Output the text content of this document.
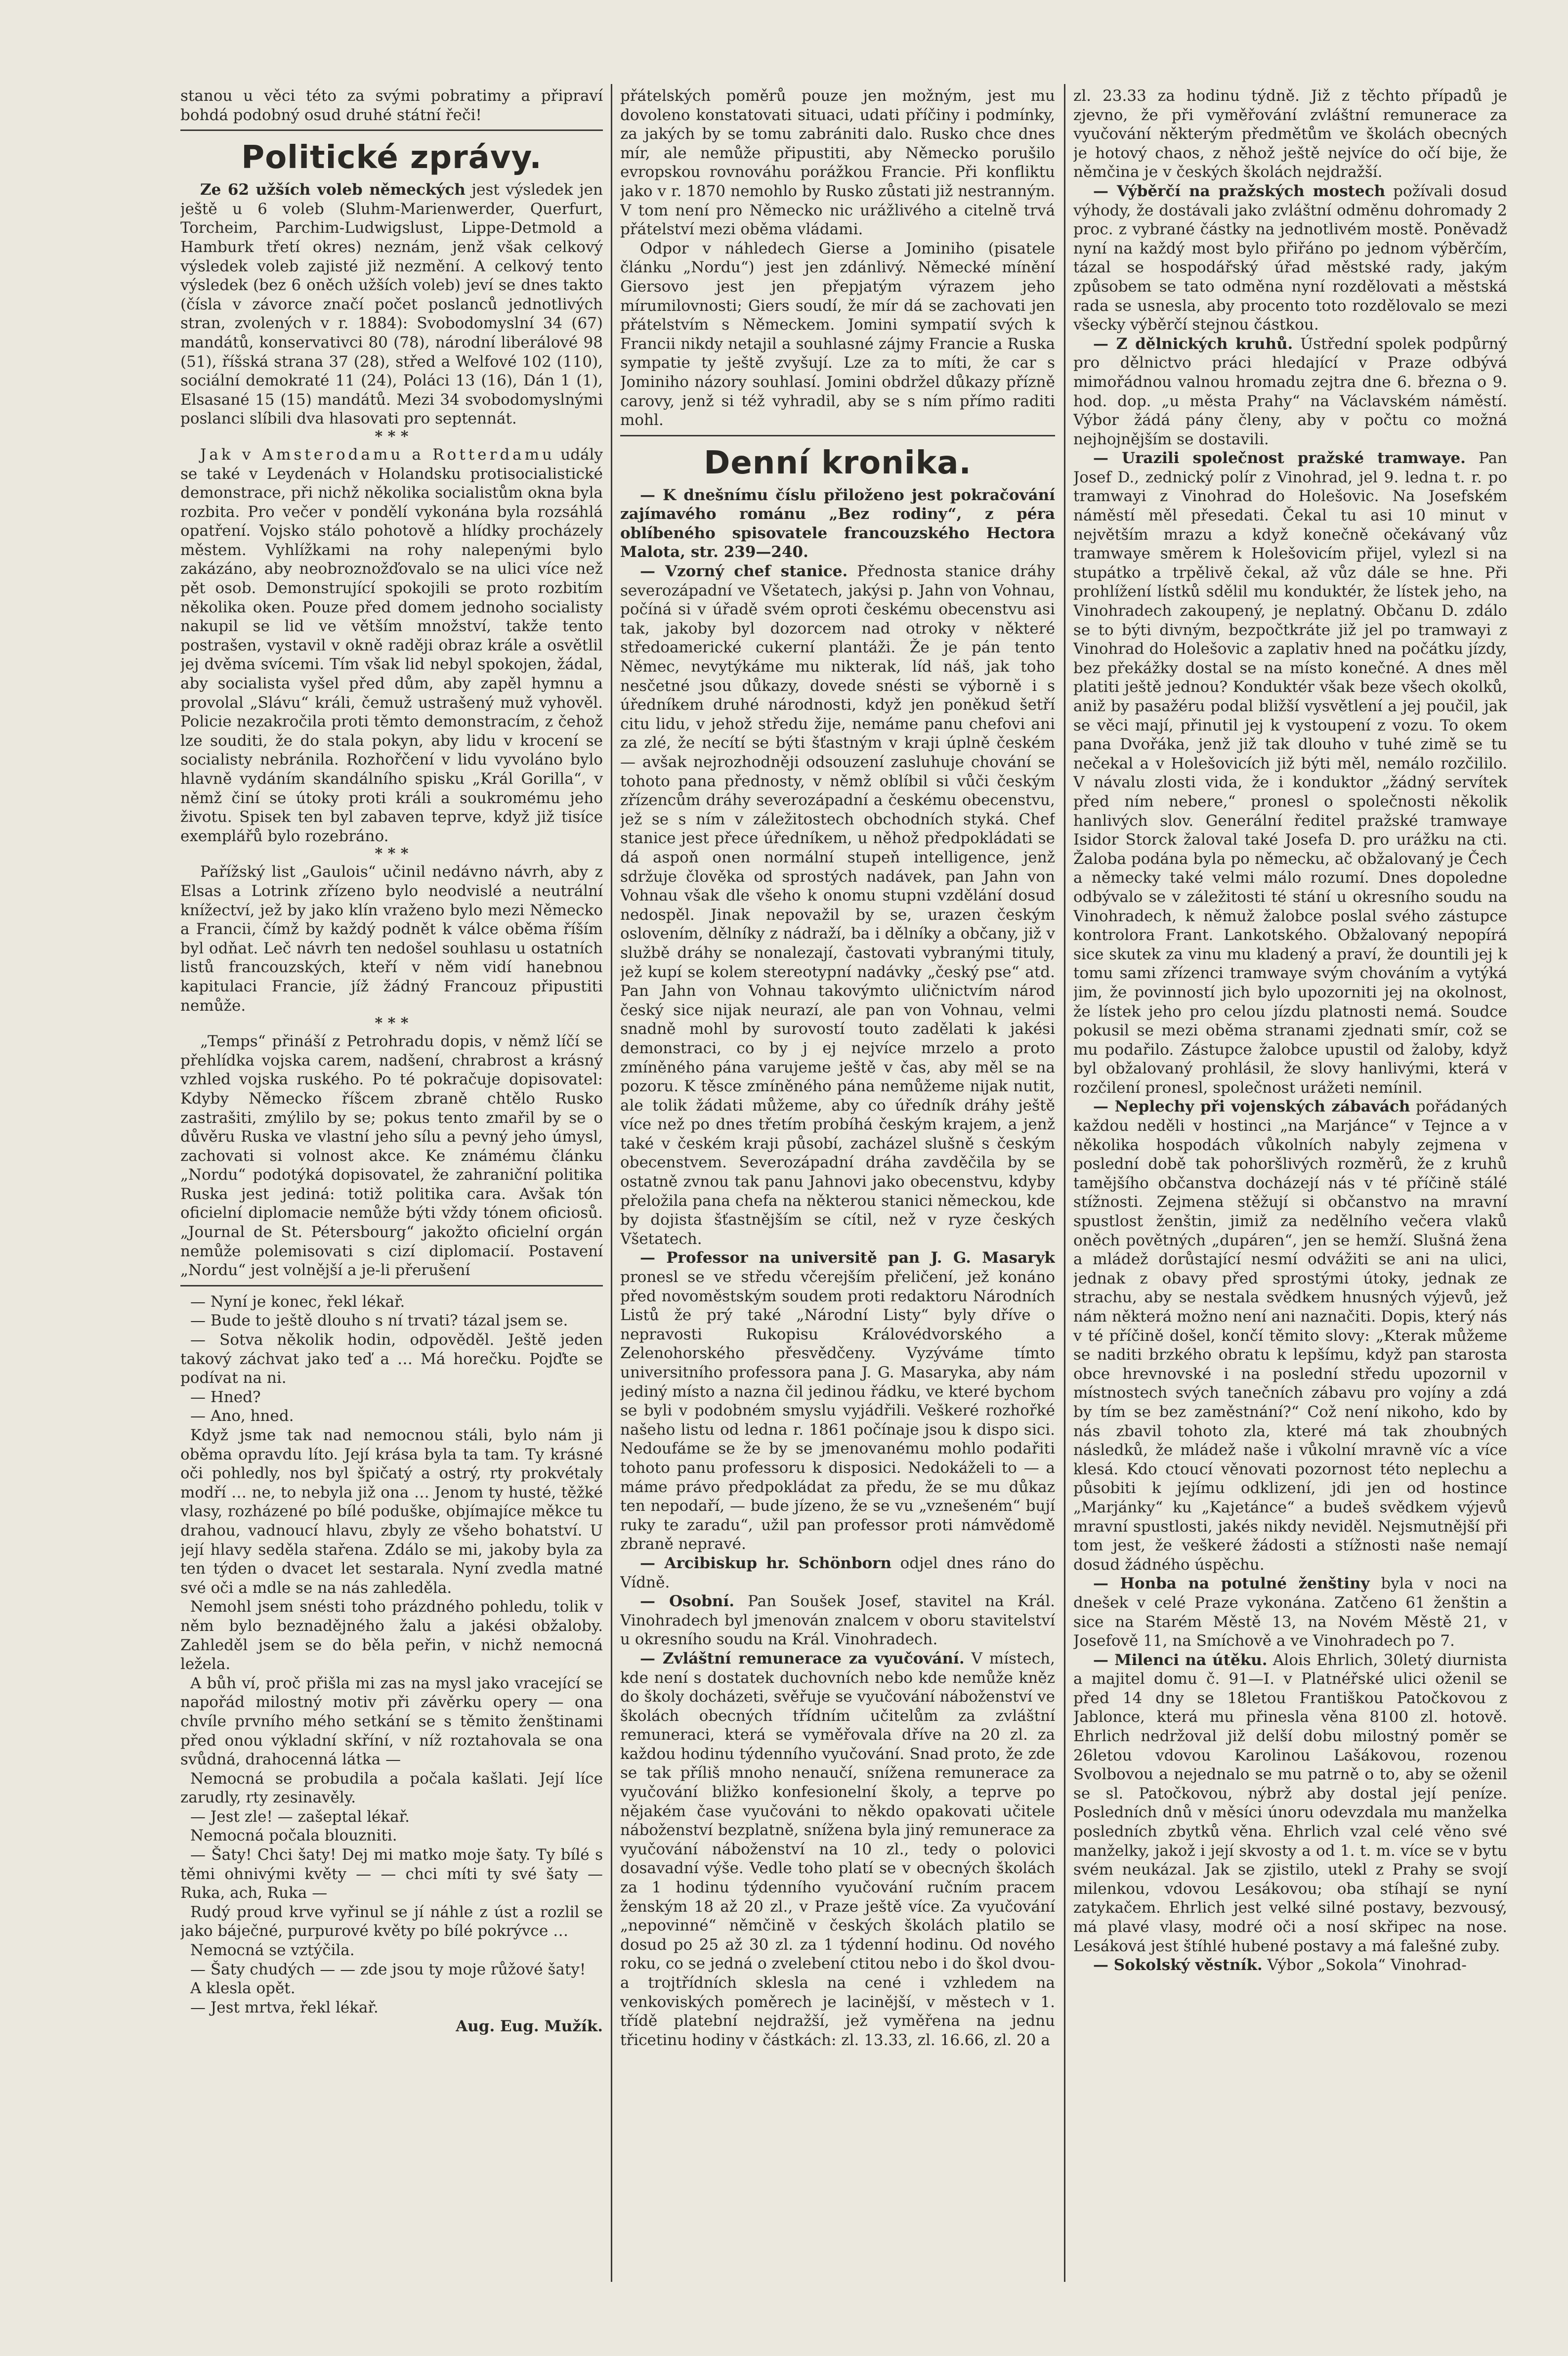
stanou u věci této za svými pobratimy a připraví bohdá podobný osud druhé státní řeči!

Politické zprávy.

Ze 62 užších voleb německých jest výsledek jen ještě u 6 voleb (Sluhm-Marienwerder, Querfurt, Torcheim, Parchim-Ludwigslust, Lippe-Detmold a Hamburk třetí okres) neznám, jenž však celkový výsledek voleb zajisté již nezmění. A celkový tento výsledek (bez 6 oněch užších voleb) jeví se dnes takto (čísla v závorce značí počet poslanců jednotlivých stran, zvolených v r. 1884): Svobodomyslní 34 (67) mandátů, konservativci 80 (78), národní liberálové 98 (51), říšská strana 37 (28), střed a Welfové 102 (110), sociální demokraté 11 (24), Poláci 13 (16), Dán 1 (1), Elsasané 15 (15) mandátů. Mezi 34 svobodomyslnými poslanci slíbili dva hlasovati pro septennát.

* * *

Jak v Amsterodamu a Rotterdamu udály se také v Leydenách v Holandsku protisocialistické demonstrace, při nichž několika socialistům okna byla rozbita. Pro večer v pondělí vykonána byla rozsáhlá opatření. Vojsko stálo pohotově a hlídky procházely městem. Vyhlížkami na rohy nalepenými bylo zakázáno, aby neobroznožďovalo se na ulici více než pět osob. Demonstrující spokojili se proto rozbitím několika oken. Pouze před domem jednoho socialisty nakupil se lid ve větším množství, takže tento postrašen, vystavil v okně raději obraz krále a osvětlil jej dvěma svícemi. Tím však lid nebyl spokojen, žádal, aby socialista vyšel před dům, aby zapěl hymnu a provolal „Slávu“ králi, čemuž ustrašený muž vyhověl. Policie nezakročila proti těmto demonstracím, z čehož lze souditi, že do stala pokyn, aby lidu v krocení se socialisty nebránila. Rozhořčení v lidu vyvoláno bylo hlavně vydáním skandálního spisku „Král Gorilla“, v němž činí se útoky proti králi a soukromému jeho životu. Spisek ten byl zabaven teprve, když již tisíce exemplářů bylo rozebráno.

* * *

Pařížský list „Gaulois“ učinil nedávno návrh, aby z Elsas a Lotrink zřízeno bylo neodvislé a neutrální knížectví, jež by jako klín vraženo bylo mezi Německo a Francii, čímž by každý podnět k válce oběma říším byl odňat. Leč návrh ten nedošel souhlasu u ostatních listů francouzských, kteří v něm vidí hanebnou kapitulaci Francie, jíž žádný Francouz připustiti nemůže.

* * *

„Temps“ přináší z Petrohradu dopis, v němž líčí se přehlídka vojska carem, nadšení, chrabrost a krásný vzhled vojska ruského. Po té pokračuje dopisovatel: Kdyby Německo říšcem zbraně chtělo Rusko zastrašiti, zmýlilo by se; pokus tento zmařil by se o důvěru Ruska ve vlastní jeho sílu a pevný jeho úmysl, zachovati si volnost akce. Ke známému článku „Nordu“ podotýká dopisovatel, že zahraniční politika Ruska jest jediná: totiž politika cara. Avšak tón oficielní diplomacie nemůže býti vždy tónem oficiosů. „Journal de St. Pétersbourg“ jakožto oficielní orgán nemůže polemisovati s cizí diplomacií. Postavení „Nordu“ jest volnější a je-li přerušení

— Nyní je konec, řekl lékař.

— Bude to ještě dlouho s ní trvati? tázal jsem se.

— Sotva několik hodin, odpověděl. Ještě jeden takový záchvat jako teď a … Má horečku. Pojďte se podívat na ni.

— Hned?

— Ano, hned.

Když jsme tak nad nemocnou stáli, bylo nám ji oběma opravdu líto. Její krása byla ta tam. Ty krásné oči pohledly, nos byl špičatý a ostrý, rty prokvétaly modří … ne, to nebyla již ona … Jenom ty husté, těžké vlasy, rozházené po bílé poduške, objímajíce měkce tu drahou, vadnoucí hlavu, zbyly ze všeho bohatství. U její hlavy seděla stařena. Zdálo se mi, jakoby byla za ten týden o dvacet let sestarala. Nyní zvedla matné své oči a mdle se na nás zahleděla.

Nemohl jsem snésti toho prázdného pohledu, tolik v něm bylo beznadějného žalu a jakési obžaloby. Zahleděl jsem se do běla peřin, v nichž nemocná ležela.

A bůh ví, proč přišla mi zas na mysl jako vracející se napořád milostný motiv při závěrku opery — ona chvíle prvního mého setkání se s těmito ženštinami před onou výkladní skříní, v níž roztahovala se ona svůdná, drahocenná látka —

Nemocná se probudila a počala kašlati. Její líce zarudly, rty zesinavěly.

— Jest zle! — zašeptal lékař.

Nemocná počala blouzniti.

— Šaty! Chci šaty! Dej mi matko moje šaty. Ty bílé s těmi ohnivými květy — — chci míti ty své šaty — Ruka, ach, Ruka —

Rudý proud krve vyřinul se jí náhle z úst a rozlil se jako báječné, purpurové květy po bílé pokrývce …

Nemocná se vztýčila.

— Šaty chudých — — zde jsou ty moje růžové šaty!

A klesla opět.

— Jest mrtva, řekl lékař.

Aug. Eug. Mužík.

přátelských poměrů pouze jen možným, jest mu dovoleno konstatovati situaci, udati příčiny i podmínky, za jakých by se tomu zabrániti dalo. Rusko chce dnes mír, ale nemůže připustiti, aby Německo porušilo evropskou rovnováhu porážkou Francie. Při konfliktu jako v r. 1870 nemohlo by Rusko zůstati již nestranným. V tom není pro Německo nic urážlivého a citelně trvá přátelství mezi oběma vládami.

Odpor v náhledech Gierse a Jominiho (pisatele článku „Nordu“) jest jen zdánlivý. Německé mínění Giersovo jest jen přepjatým výrazem jeho mírumilovnosti; Giers soudí, že mír dá se zachovati jen přátelstvím s Německem. Jomini sympatií svých k Francii nikdy netajil a souhlasné zájmy Francie a Ruska sympatie ty ještě zvyšují. Lze za to míti, že car s Jominiho názory souhlasí. Jomini obdržel důkazy přízně carovy, jenž si též vyhradil, aby se s ním přímo raditi mohl.

Denní kronika.

— K dnešnímu číslu přiloženo jest pokračování zajímavého románu „Bez rodiny“, z péra oblíbeného spisovatele francouzského Hectora Malota, str. 239—240.

— Vzorný chef stanice. Přednosta stanice dráhy severozápadní ve Všetatech, jakýsi p. Jahn von Vohnau, počíná si v úřadě svém oproti českému obecenstvu asi tak, jakoby byl dozorcem nad otroky v některé středoamerické cukerní plantáži. Že je pán tento Němec, nevytýkáme mu nikterak, líd náš, jak toho nesčetné jsou důkazy, dovede snésti se výborně i s úředníkem druhé národnosti, když jen poněkud šetří citu lidu, v jehož středu žije, nemáme panu chefovi ani za zlé, že necítí se býti šťastným v kraji úplně českém — avšak nejrozhodněji odsouzení zasluhuje chování se tohoto pana přednosty, v němž oblíbil si vůči českým zřízencům dráhy severozápadní a českému obecenstvu, jež se s ním v záležitostech obchodních styká. Chef stanice jest přece úředníkem, u něhož předpokládati se dá aspoň onen normální stupeň intelligence, jenž sdržuje člověka od sprostých nadávek, pan Jahn von Vohnau však dle všeho k onomu stupni vzdělání dosud nedospěl. Jinak nepovažil by se, urazen českým oslovením, dělníky z nádraží, ba i dělníky a občany, již v službě dráhy se nonalezají, častovati vybranými tituly, jež kupí se kolem stereotypní nadávky „český pse“ atd. Pan Jahn von Vohnau takovýmto uličnictvím národ český sice nijak neurazí, ale pan von Vohnau, velmi snadně mohl by surovostí touto zadělati k jakési demonstraci, co by j ej nejvíce mrzelo a proto zmíněného pána varujeme ještě v čas, aby měl se na pozoru. K těsce zmíněného pána nemůžeme nijak nutit, ale tolik žádati můžeme, aby co úředník dráhy ještě více než po dnes třetím probíhá českým krajem, a jenž také v českém kraji působí, zacházel slušně s českým obecenstvem. Severozápadní dráha zavděčila by se ostatně zvnou tak panu Jahnovi jako obecenstvu, kdyby přeložila pana chefa na některou stanici německou, kde by dojista šťastnějším se cítil, než v ryze českých Všetatech.

— Professor na universitě pan J. G. Masaryk pronesl se ve středu včerejším přeličení, jež konáno před novoměstským soudem proti redaktoru Národních Listů že prý také „Národní Listy“ byly dříve o nepravosti Rukopisu Královédvorského a Zelenohorského přesvědčeny. Vyzýváme tímto universitního professora pana J. G. Masaryka, aby nám jediný místo a nazna čil jedinou řádku, ve které bychom se byli v podobném smyslu vyjádřili. Veškeré rozhořké našeho listu od ledna r. 1861 počínaje jsou k dispo sici. Nedoufáme se že by se jmenovanému mohlo podařiti tohoto panu professoru k disposici. Nedokáželi to — a máme právo předpokládat za předu, že se mu důkaz ten nepodaří, — bude jízeno, že se vu „vznešeném“ bují ruky te zaradu“, užil pan professor proti námvědomě zbraně nepravé.

— Arcibiskup hr. Schönborn odjel dnes ráno do Vídně.

— Osobní. Pan Soušek Josef, stavitel na Král. Vinohradech byl jmenován znalcem v oboru stavitelství u okresního soudu na Král. Vinohradech.

— Zvláštní remunerace za vyučování. V místech, kde není s dostatek duchovních nebo kde nemůže kněz do školy docházeti, svěřuje se vyučování náboženství ve školách obecných třídním učitelům za zvláštní remuneraci, která se vyměřovala dříve na 20 zl. za každou hodinu týdenního vyučování. Snad proto, že zde se tak příliš mnoho nenaučí, snížena remunerace za vyučování bližko konfesionelní školy, a teprve po nějakém čase vyučováni to někdo opakovati učitele náboženství bezplatně, snížena byla jiný remunerace za vyučování náboženství na 10 zl., tedy o polovici dosavadní výše. Vedle toho platí se v obecných školách za 1 hodinu týdenního vyučování ručním pracem ženským 18 až 20 zl., v Praze ještě více. Za vyučování „nepovinné“ němčině v českých školách platilo se dosud po 25 až 30 zl. za 1 týdenní hodinu. Od nového roku, co se jedná o zvelebení ctitou nebo i do škol dvou- a trojtřídních sklesla na cené i vzhledem na venkoviských poměrech je lacinější, v městech v 1. třídě platební nejdražší, jež vyměřena na jednu třicetinu hodiny v částkách: zl. 13.33, zl. 16.66, zl. 20 a

zl. 23.33 za hodinu týdně. Již z těchto případů je zjevno, že při vyměřování zvláštní remunerace za vyučování některým předmětům ve školách obecných je hotový chaos, z něhož ještě nejvíce do očí bije, že němčina je v českých školách nejdražší.

— Výběrčí na pražských mostech požívali dosud výhody, že dostávali jako zvláštní odměnu dohromady 2 proc. z vybrané částky na jednotlivém mostě. Poněvadž nyní na každý most bylo přiřáno po jednom výběrčím, tázal se hospodářský úřad městské rady, jakým způsobem se tato odměna nyní rozdělovati a městská rada se usnesla, aby procento toto rozdělovalo se mezi všecky výběrčí stejnou částkou.

— Z dělnických kruhů. Ústřední spolek podpůrný pro dělnictvo práci hledající v Praze odbývá mimořádnou valnou hromadu zejtra dne 6. března o 9. hod. dop. „u města Prahy“ na Václavském náměstí. Výbor žádá pány členy, aby v počtu co možná nejhojnějším se dostavili.

— Urazili společnost pražské tramwaye. Pan Josef D., zednický polír z Vinohrad, jel 9. ledna t. r. po tramwayi z Vinohrad do Holešovic. Na Josefském náměstí měl přesedati. Čekal tu asi 10 minut v největším mrazu a když konečně očekávaný vůz tramwaye směrem k Holešovicím přijel, vylezl si na stupátko a trpělivě čekal, až vůz dále se hne. Při prohlížení lístků sdělil mu konduktér, že lístek jeho, na Vinohradech zakoupený, je neplatný. Občanu D. zdálo se to býti divným, bezpočtkráte již jel po tramwayi z Vinohrad do Holešovic a zaplativ hned na počátku jízdy, bez překážky dostal se na místo konečné. A dnes měl platiti ještě jednou? Konduktér však beze všech okolků, aniž by pasažéru podal bližší vysvětlení a jej poučil, jak se věci mají, přinutil jej k vystoupení z vozu. To okem pana Dvořáka, jenž již tak dlouho v tuhé zimě se tu nečekal a v Holešovicích již býti měl, nemálo rozčililo. V návalu zlosti vida, že i konduktor „žádný servítek před ním nebere,“ pronesl o společnosti několik hanlivých slov. Generální ředitel pražské tramwaye Isidor Storck žaloval také Josefa D. pro urážku na cti. Žaloba podána byla po německu, ač obžalovaný je Čech a německy také velmi málo rozumí. Dnes dopoledne odbývalo se v záležitosti té stání u okresního soudu na Vinohradech, k němuž žalobce poslal svého zástupce kontrolora Frant. Lankotského. Obžalovaný nepopírá sice skutek za vinu mu kladený a praví, že dountili jej k tomu sami zřízenci tramwaye svým chováním a vytýká jim, že povinností jich bylo upozorniti jej na okolnost, že lístek jeho pro celou jízdu platnosti nemá. Soudce pokusil se mezi oběma stranami zjednati smír, což se mu podařilo. Zástupce žalobce upustil od žaloby, když byl obžalovaný prohlásil, že slovy hanlivými, která v rozčilení pronesl, společnost urážeti nemínil.

— Neplechy při vojenských zábavách pořádaných každou neděli v hostinci „na Marjánce“ v Tejnce a v několika hospodách vůkolních nabyly zejmena v poslední době tak pohoršlivých rozměrů, že z kruhů tamějšího občanstva docházejí nás v té příčině stálé stížnosti. Zejmena stěžují si občanstvo na mravní spustlost ženštin, jimiž za nedělního večera vlaků oněch povětných „dupáren“, jen se hemží. Slušná žena a mládež dorůstající nesmí odvážiti se ani na ulici, jednak z obavy před sprostými útoky, jednak ze strachu, aby se nestala svědkem hnusných výjevů, jež nám některá možno není ani naznačiti. Dopis, který nás v té příčině došel, končí těmito slovy: „Kterak můžeme se naditi brzkého obratu k lepšímu, když pan starosta obce hrevnovské i na poslední středu upozornil v místnostech svých tanečních zábavu pro vojíny a zdá by tím se bez zaměstnání?“ Což není nikoho, kdo by nás zbavil tohoto zla, které má tak zhoubných následků, že mládež naše i vůkolní mravně víc a více klesá. Kdo ctoucí věnovati pozornost této neplechu a působiti k jejímu odklizení, jdi jen od hostince „Marjánky“ ku „Kajetánce“ a budeš svědkem výjevů mravní spustlosti, jakés nikdy neviděl. Nejsmutnější při tom jest, že veškeré žádosti a stížnosti naše nemají dosud žádného úspěchu.

— Honba na potulné ženštiny byla v noci na dnešek v celé Praze vykonána. Zatčeno 61 ženštin a sice na Starém Městě 13, na Novém Městě 21, v Josefově 11, na Smíchově a ve Vinohradech po 7.

— Milenci na útěku. Alois Ehrlich, 30letý diurnista a majitel domu č. 91—I. v Platnéřské ulici oženil se před 14 dny se 18letou Františkou Patočkovou z Jablonce, která mu přinesla věna 8100 zl. hotově. Ehrlich nedržoval již delší dobu milostný poměr se 26letou vdovou Karolinou Lašákovou, rozenou Svolbovou a nejednalo se mu patrně o to, aby se oženil se sl. Patočkovou, nýbrž aby dostal její peníze. Posledních dnů v měsíci únoru odevzdala mu manželka posledních zbytků věna. Ehrlich vzal celé věno své manželky, jakož i její skvosty a od 1. t. m. více se v bytu svém neukázal. Jak se zjistilo, utekl z Prahy se svojí milenkou, vdovou Lesákovou; oba stíhají se nyní zatykačem. Ehrlich jest velké silné postavy, bezvousý, má plavé vlasy, modré oči a nosí skřipec na nose. Lesáková jest štíhlé hubené postavy a má falešné zuby.

— Sokolský věstník. Výbor „Sokola“ Vinohrad-
